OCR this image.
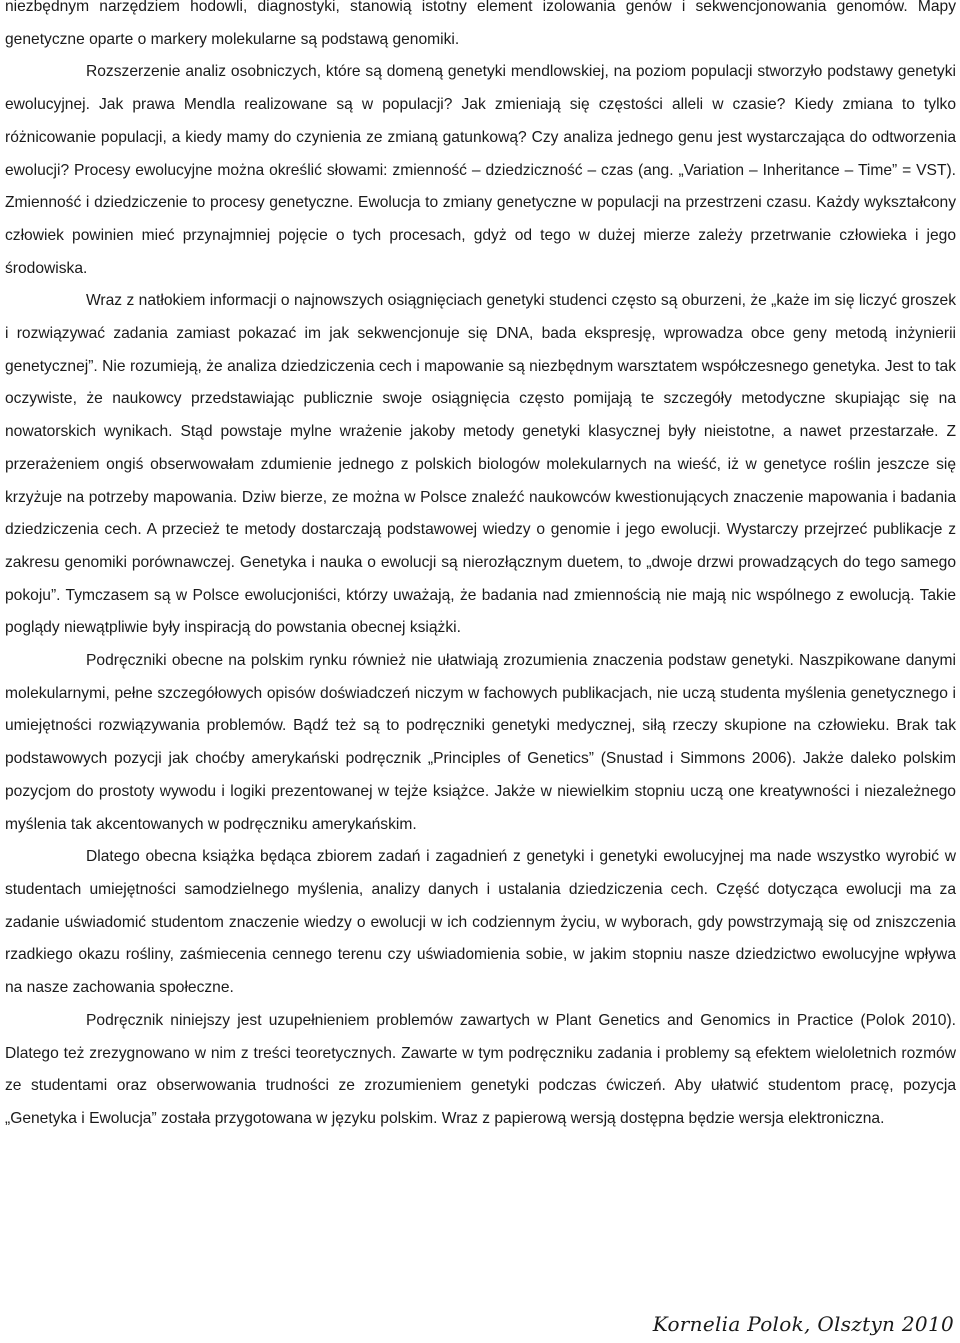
niezbędnym narzędziem hodowli, diagnostyki, stanowią istotny element izolowania genów i sekwencjonowania genomów. Mapy genetyczne oparte o markery molekularne są podstawą genomiki.

Rozszerzenie analiz osobniczych, które są domeną genetyki mendlowskiej, na poziom populacji stworzyło podstawy genetyki ewolucyjnej. Jak prawa Mendla realizowane są w populacji? Jak zmieniają się częstości alleli w czasie? Kiedy zmiana to tylko różnicowanie populacji, a kiedy mamy do czynienia ze zmianą gatunkową? Czy analiza jednego genu jest wystarczająca do odtworzenia ewolucji? Procesy ewolucyjne można określić słowami: zmienność – dziedziczność – czas (ang. „Variation – Inheritance – Time” = VST). Zmienność i dziedziczenie to procesy genetyczne. Ewolucja to zmiany genetyczne w populacji na przestrzeni czasu. Każdy wykształcony człowiek powinien mieć przynajmniej pojęcie o tych procesach, gdyż od tego w dużej mierze zależy przetrwanie człowieka i jego środowiska.

Wraz z natłokiem informacji o najnowszych osiągnięciach genetyki studenci często są oburzeni, że „każe im się liczyć groszek i rozwiązywać zadania zamiast pokazać im jak sekwencjonuje się DNA, bada ekspresję, wprowadza obce geny metodą inżynierii genetycznej”. Nie rozumieją, że analiza dziedziczenia cech i mapowanie są niezbędnym warsztatem współczesnego genetyka. Jest to tak oczywiste, że naukowcy przedstawiając publicznie swoje osiągnięcia często pomijają te szczegóły metodyczne skupiając się na nowatorskich wynikach. Stąd powstaje mylne wrażenie jakoby metody genetyki klasycznej były nieistotne, a nawet przestarzałe. Z przerażeniem ongiś obserwowałam zdumienie jednego z polskich biologów molekularnych na wieść, iż w genetyce roślin jeszcze się krzyżuje na potrzeby mapowania. Dziw bierze, ze można w Polsce znaleźć naukowców kwestionujących znaczenie mapowania i badania dziedziczenia cech. A przecież te metody dostarczają podstawowej wiedzy o genomie i jego ewolucji. Wystarczy przejrzeć publikacje z zakresu genomiki porównawczej. Genetyka i nauka o ewolucji są nierozłącznym duetem, to „dwoje drzwi prowadzących do tego samego pokoju”. Tymczasem są w Polsce ewolucjoniści, którzy uważają, że badania nad zmiennością nie mają nic wspólnego z ewolucją. Takie poglądy niewątpliwie były inspiracją do powstania obecnej książki.

Podręczniki obecne na polskim rynku również nie ułatwiają zrozumienia znaczenia podstaw genetyki. Naszpikowane danymi molekularnymi, pełne szczegółowych opisów doświadczeń niczym w fachowych publikacjach, nie uczą studenta myślenia genetycznego i umiejętności rozwiązywania problemów. Bądź też są to podręczniki genetyki medycznej, siłą rzeczy skupione na człowieku. Brak tak podstawowych pozycji jak choćby amerykański podręcznik „Principles of Genetics” (Snustad i Simmons 2006). Jakże daleko polskim pozycjom do prostoty wywodu i logiki prezentowanej w tejże książce. Jakże w niewielkim stopniu uczą one kreatywności i niezależnego myślenia tak akcentowanych w podręczniku amerykańskim.

Dlatego obecna książka będąca zbiorem zadań i zagadnień z genetyki i genetyki ewolucyjnej ma nade wszystko wyrobić w studentach umiejętności samodzielnego myślenia, analizy danych i ustalania dziedziczenia cech. Część dotycząca ewolucji ma za zadanie uświadomić studentom znaczenie wiedzy o ewolucji w ich codziennym życiu, w wyborach, gdy powstrzymają się od zniszczenia rzadkiego okazu rośliny, zaśmiecenia cennego terenu czy uświadomienia sobie, w jakim stopniu nasze dziedzictwo ewolucyjne wpływa na nasze zachowania społeczne.

Podręcznik niniejszy jest uzupełnieniem problemów zawartych w Plant Genetics and Genomics in Practice (Polok 2010). Dlatego też zrezygnowano w nim z treści teoretycznych. Zawarte w tym podręczniku zadania i problemy są efektem wieloletnich rozmów ze studentami oraz obserwowania trudności ze zrozumieniem genetyki podczas ćwiczeń. Aby ułatwić studentom pracę, pozycja „Genetyka i Ewolucja” została przygotowana w języku polskim. Wraz z papierową wersją dostępna będzie wersja elektroniczna.

Kornelia Polok, Olsztyn 2010
